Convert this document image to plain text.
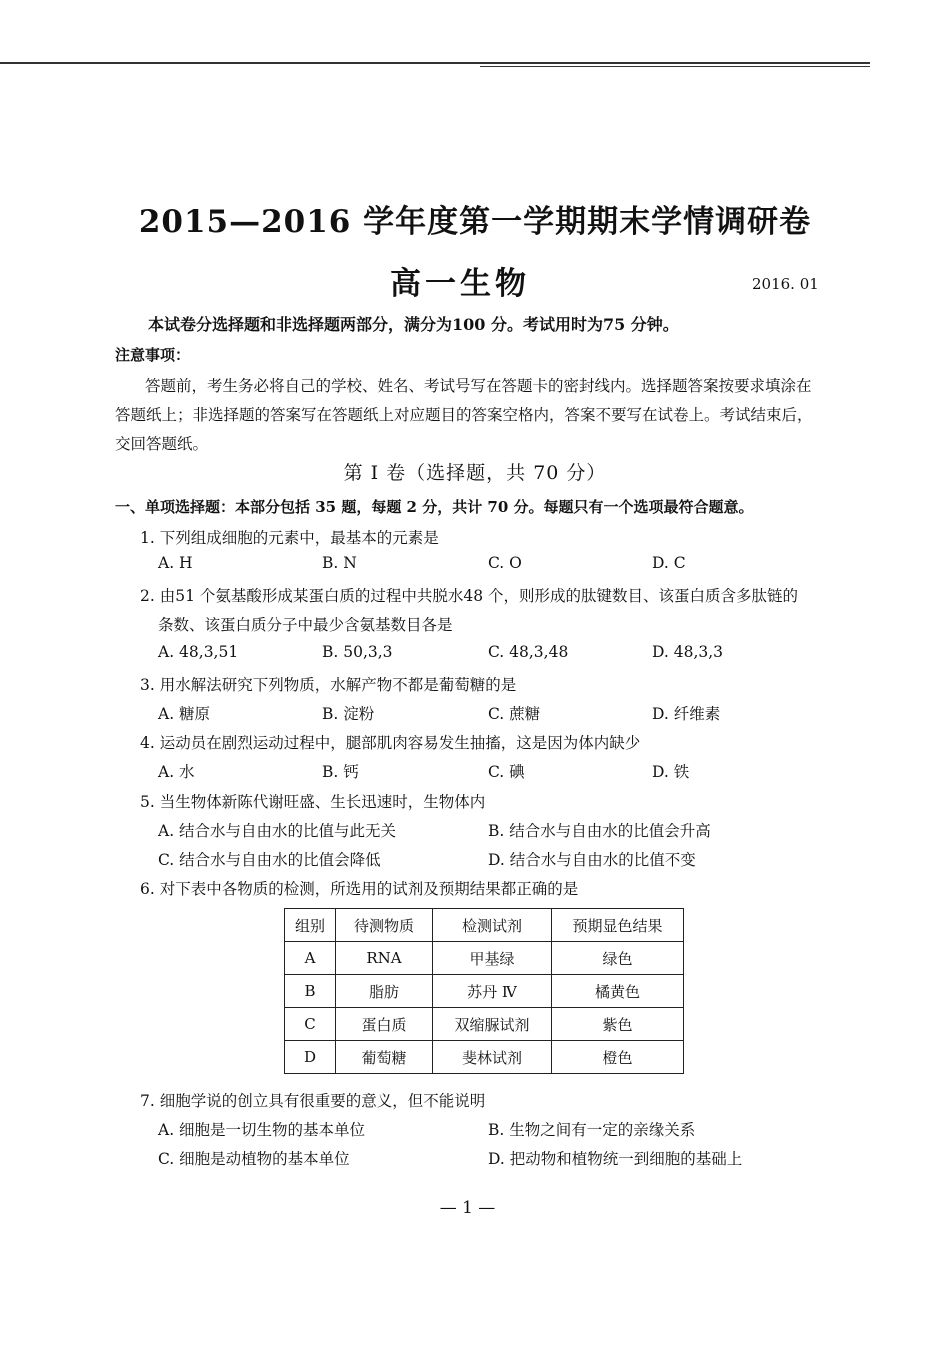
2015—2016 学年度第一学期期末学情调研卷
高一生物	2016. 01
本试卷分选择题和非选择题两部分，满分为100 分。考试用时为75 分钟。
注意事项：
答题前，考生务必将自己的学校、姓名、考试号写在答题卡的密封线内。选择题答案按要求填涂在答题纸上；非选择题的答案写在答题纸上对应题目的答案空格内，答案不要写在试卷上。考试结束后，交回答题纸。
第 I 卷（选择题，共 70 分）
一、单项选择题：本部分包括 35 题，每题 2 分，共计 70 分。每题只有一个选项最符合题意。
1. 下列组成细胞的元素中，最基本的元素是
A. H	B. N	C. O	D. C
2. 由51 个氨基酸形成某蛋白质的过程中共脱水48 个，则形成的肽键数目、该蛋白质含多肽链的
条数、该蛋白质分子中最少含氨基数目各是
A. 48,3,51	B. 50,3,3	C. 48,3,48	D. 48,3,3
3. 用水解法研究下列物质，水解产物不都是葡萄糖的是
A. 糖原	B. 淀粉	C. 蔗糖	D. 纤维素
4. 运动员在剧烈运动过程中，腿部肌肉容易发生抽搐，这是因为体内缺少
A. 水	B. 钙	C. 碘	D. 铁
5. 当生物体新陈代谢旺盛、生长迅速时，生物体内
A. 结合水与自由水的比值与此无关	B. 结合水与自由水的比值会升高
C. 结合水与自由水的比值会降低	D. 结合水与自由水的比值不变
6. 对下表中各物质的检测，所选用的试剂及预期结果都正确的是
组别	待测物质	检测试剂	预期显色结果
A	RNA	甲基绿	绿色
B	脂肪	苏丹 Ⅳ	橘黄色
C	蛋白质	双缩脲试剂	紫色
D	葡萄糖	斐林试剂	橙色
7. 细胞学说的创立具有很重要的意义，但不能说明
A. 细胞是一切生物的基本单位	B. 生物之间有一定的亲缘关系
C. 细胞是动植物的基本单位	D. 把动物和植物统一到细胞的基础上
— 1 —
